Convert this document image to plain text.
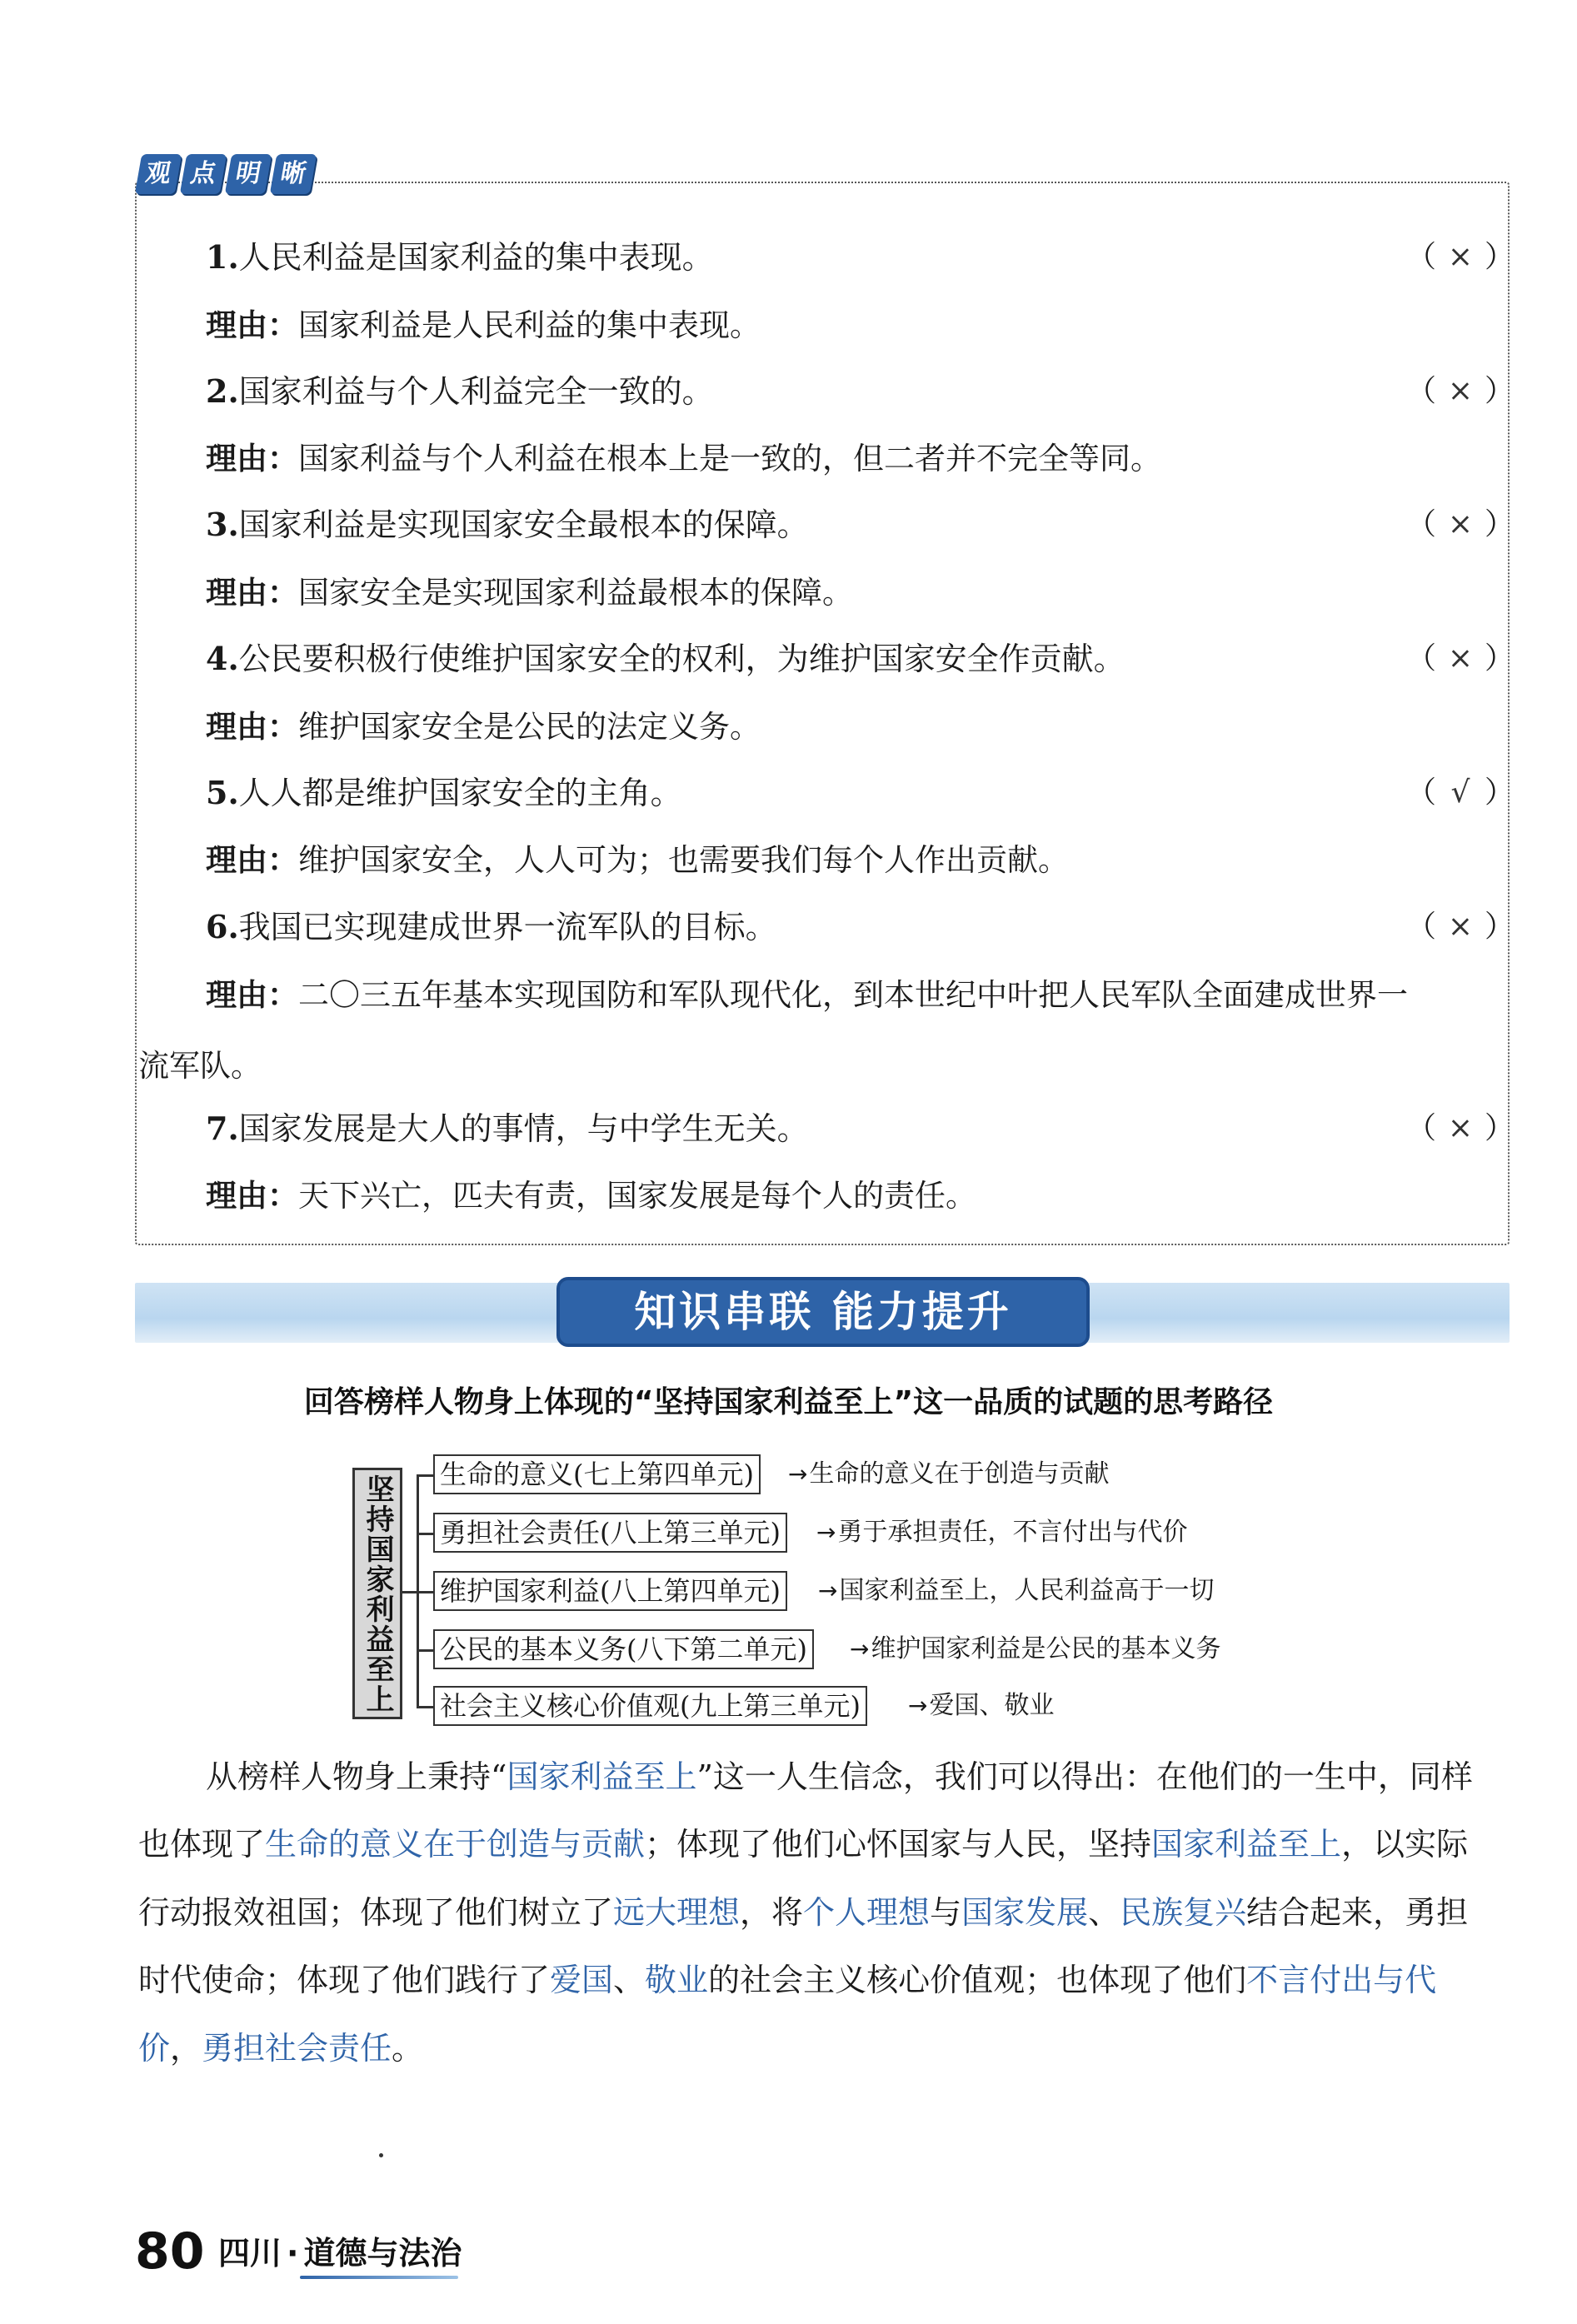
观 点 明 晰
1.人民利益是国家利益的集中表现。	（ × ）
理由：国家利益是人民利益的集中表现。
2.国家利益与个人利益完全一致的。	（ × ）
理由：国家利益与个人利益在根本上是一致的，但二者并不完全等同。
3.国家利益是实现国家安全最根本的保障。	（ × ）
理由：国家安全是实现国家利益最根本的保障。
4.公民要积极行使维护国家安全的权利，为维护国家安全作贡献。	（ × ）
理由：维护国家安全是公民的法定义务。
5.人人都是维护国家安全的主角。	（ √ ）
理由：维护国家安全，人人可为；也需要我们每个人作出贡献。
6.我国已实现建成世界一流军队的目标。	（ × ）
理由：二〇三五年基本实现国防和军队现代化，到本世纪中叶把人民军队全面建成世界一
流军队。
7.国家发展是大人的事情，与中学生无关。	（ × ）
理由：天下兴亡，匹夫有责，国家发展是每个人的责任。
知识串联 能力提升
回答榜样人物身上体现的“坚持国家利益至上”这一品质的试题的思考路径
坚持国家利益至上	生命的意义(七上第四单元) →生命的意义在于创造与贡献
勇担社会责任(八上第三单元) →勇于承担责任，不言付出与代价
维护国家利益(八上第四单元) →国家利益至上，人民利益高于一切
公民的基本义务(八下第二单元) →维护国家利益是公民的基本义务
社会主义核心价值观(九上第三单元) →爱国、敬业
从榜样人物身上秉持“国家利益至上”这一人生信念，我们可以得出：在他们的一生中，同样
也体现了生命的意义在于创造与贡献；体现了他们心怀国家与人民，坚持国家利益至上，以实际
行动报效祖国；体现了他们树立了远大理想，将个人理想与国家发展、民族复兴结合起来，勇担
时代使命；体现了他们践行了爱国、敬业的社会主义核心价值观；也体现了他们不言付出与代
价，勇担社会责任。
80 四川 · 道德与法治
